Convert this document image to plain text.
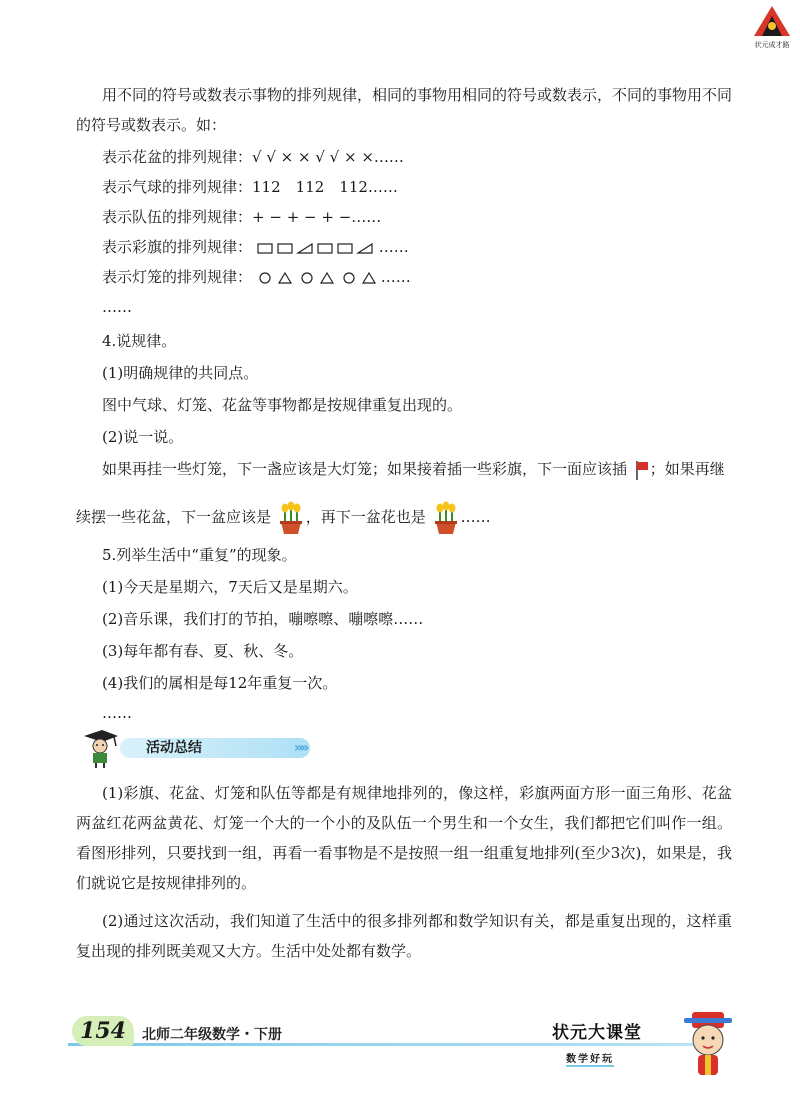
状元成才路
用不同的符号或数表示事物的排列规律，相同的事物用相同的符号或数表示，不同的事物用不同的符号或数表示。如：
表示花盆的排列规律：√ √ × × √ √ × ×……
表示气球的排列规律：112　112　112……
表示队伍的排列规律：+ − + − + −……
表示彩旗的排列规律：	……
表示灯笼的排列规律：	……
……
4.说规律。
(1)明确规律的共同点。
图中气球、灯笼、花盆等事物都是按规律重复出现的。
(2)说一说。
如果再挂一些灯笼，下一盏应该是大灯笼；如果接着插一些彩旗，下一面应该插 ；如果再继
续摆一些花盆，下一盆应该是 ，再下一盆花也是 ……
5.列举生活中“重复”的现象。
(1)今天是星期六，7天后又是星期六。
(2)音乐课，我们打的节拍，嘣嚓嚓、嘣嚓嚓……
(3)每年都有春、夏、秋、冬。
(4)我们的属相是每12年重复一次。
……
活动总结	»»
(1)彩旗、花盆、灯笼和队伍等都是有规律地排列的，像这样，彩旗两面方形一面三角形、花盆两盆红花两盆黄花、灯笼一个大的一个小的及队伍一个男生和一个女生，我们都把它们叫作一组。看图形排列，只要找到一组，再看一看事物是不是按照一组一组重复地排列(至少3次)，如果是，我们就说它是按规律排列的。
(2)通过这次活动，我们知道了生活中的很多排列都和数学知识有关，都是重复出现的，这样重复出现的排列既美观又大方。生活中处处都有数学。
154	北师二年级数学・下册	状元大课堂
数学好玩
